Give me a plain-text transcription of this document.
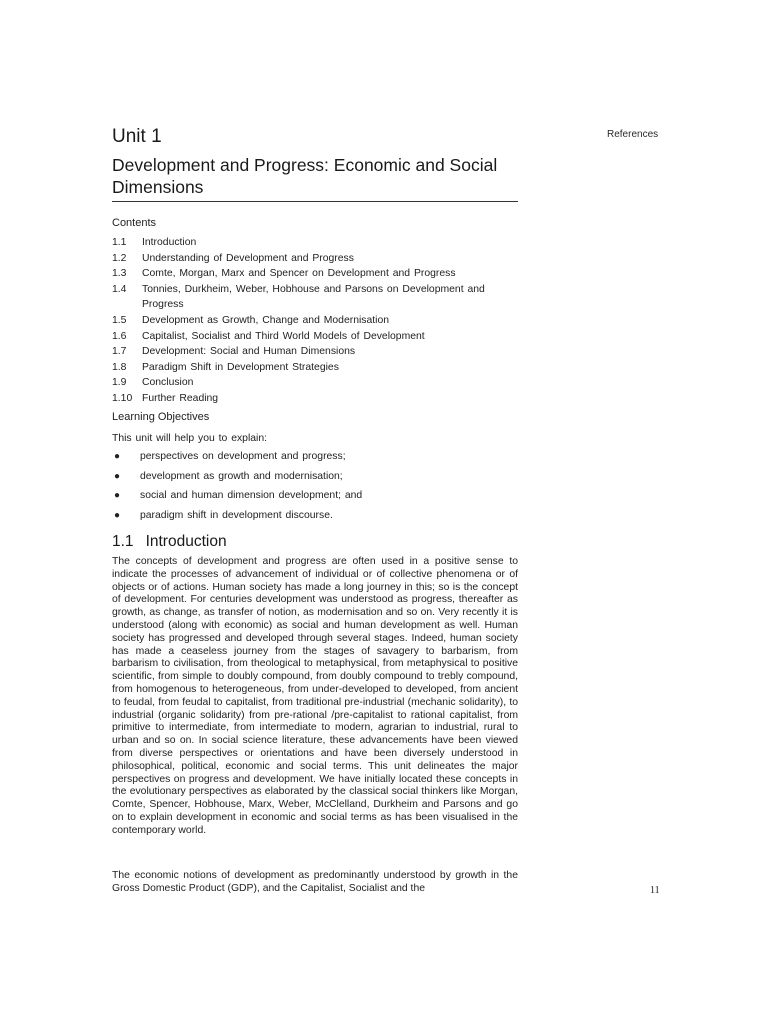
Unit 1	References
Development and Progress: Economic and Social Dimensions
Contents
1.1	Introduction
1.2	Understanding of Development and Progress
1.3	Comte, Morgan, Marx and Spencer on Development and Progress
1.4	Tonnies, Durkheim, Weber, Hobhouse and Parsons on Development and Progress
1.5	Development as Growth, Change and Modernisation
1.6	Capitalist, Socialist and Third World Models of Development
1.7	Development: Social and Human Dimensions
1.8	Paradigm Shift in Development Strategies
1.9	Conclusion
1.10 Further Reading
Learning Objectives
This unit will help you to explain:
●	perspectives on development and progress;
●	development as growth and modernisation;
●	social and human dimension development; and
●	paradigm shift in development discourse.
1.1 Introduction

The concepts of development and progress are often used in a positive sense to indicate the processes of advancement of individual or of collective phenomena or of objects or of actions. Human society has made a long journey in this; so is the concept of development. For centuries development was understood as progress, thereafter as growth, as change, as transfer of notion, as modernisation and so on. Very recently it is understood (along with economic) as social and human development as well. Human society has progressed and developed through several stages. Indeed, human society has made a ceaseless journey from the stages of savagery to barbarism, from barbarism to civilisation, from theological to metaphysical, from metaphysical to positive scientific, from simple to doubly compound, from doubly compound to trebly compound, from homogenous to heterogeneous, from under-developed to developed, from ancient to feudal, from feudal to capitalist, from traditional pre-industrial (mechanic solidarity), to industrial (organic solidarity) from pre-rational /pre-capitalist to rational capitalist, from primitive to intermediate, from intermediate to modern, agrarian to industrial, rural to urban and so on. In social science literature, these advancements have been viewed from diverse perspectives or orientations and have been diversely understood in philosophical, political, economic and social terms. This unit delineates the major perspectives on progress and development. We have initially located these concepts in the evolutionary perspectives as elaborated by the classical social thinkers like Morgan, Comte, Spencer, Hobhouse, Marx, Weber, McClelland, Durkheim and Parsons and go on to explain development in economic and social terms as has been visualised in the contemporary world.

The economic notions of development as predominantly understood by growth in the Gross Domestic Product (GDP), and the Capitalist, Socialist and the	11
